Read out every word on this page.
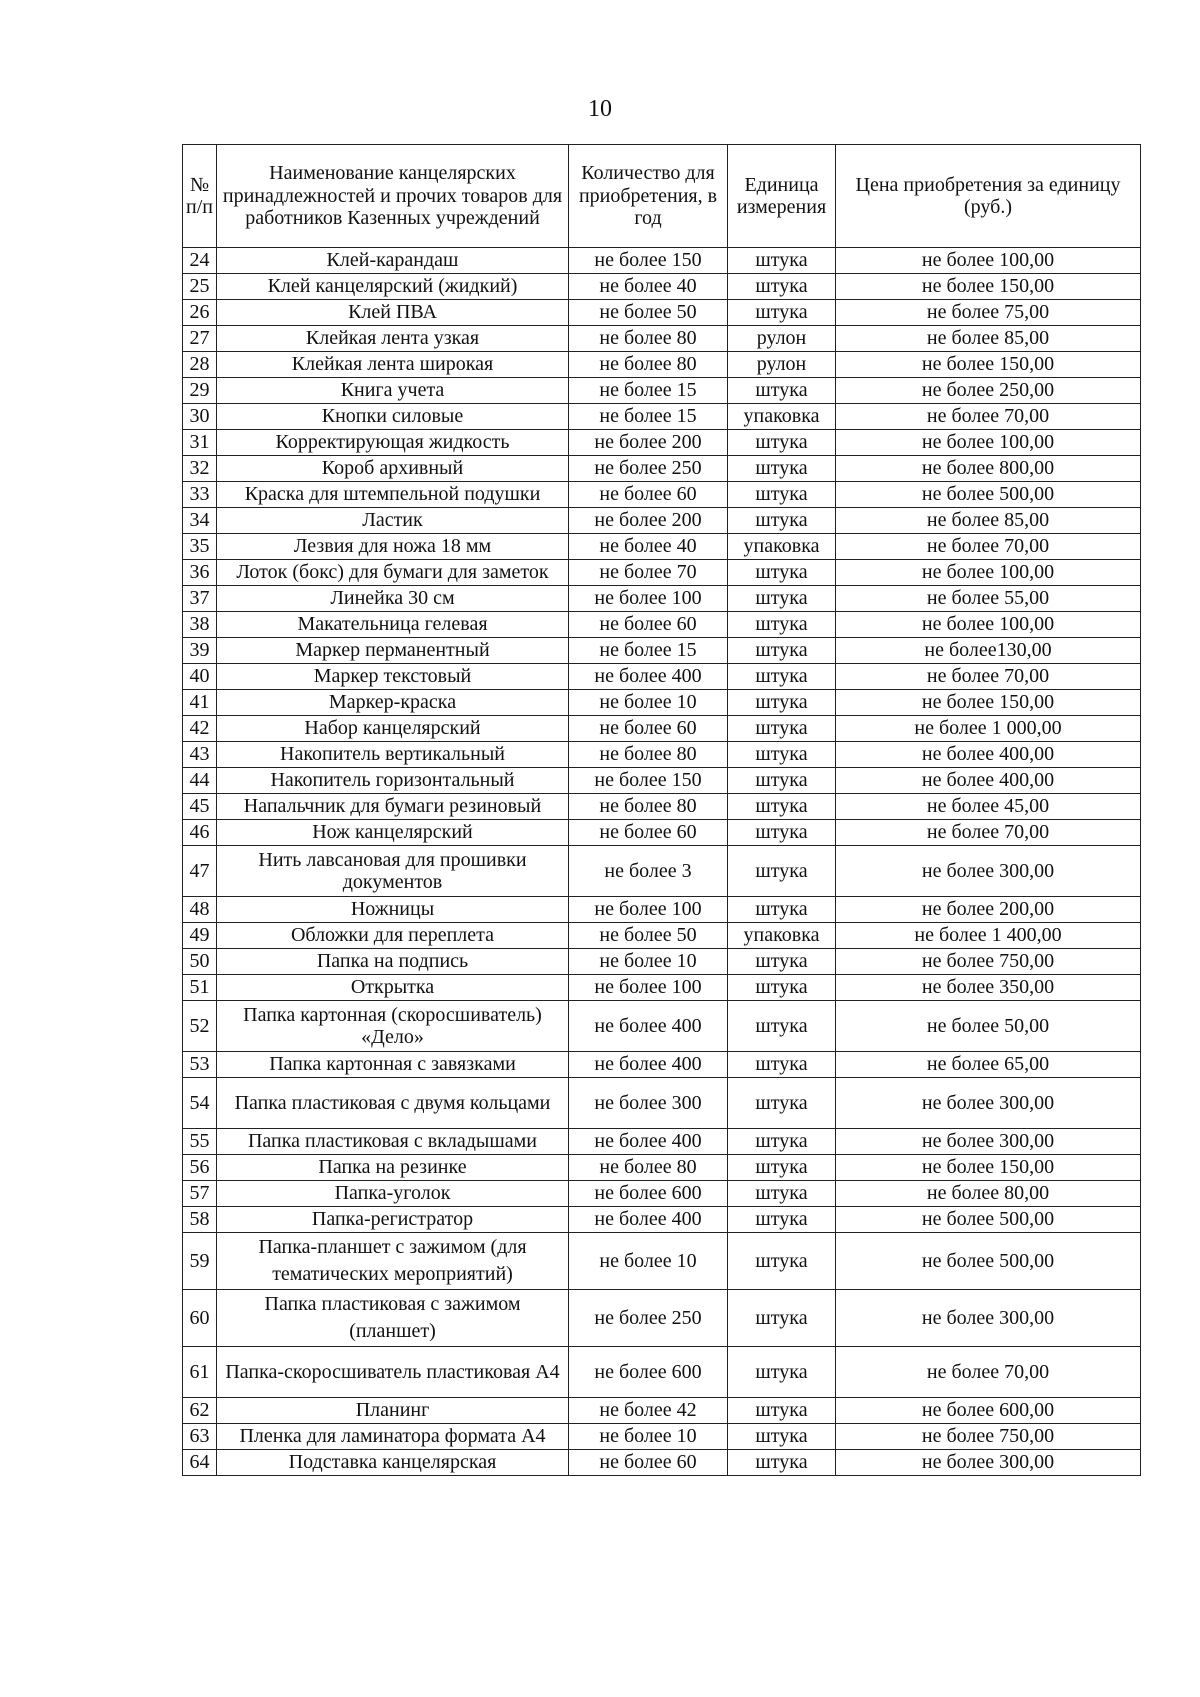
10
№ п/п	Наименование канцелярских принадлежностей и прочих товаров для работников Казенных учреждений	Количество для приобретения, в год	Единица измерения	Цена приобретения за единицу (руб.)
24	Клей-карандаш	не более 150	штука	не более 100,00
25	Клей канцелярский (жидкий)	не более 40	штука	не более 150,00
26	Клей ПВА	не более 50	штука	не более 75,00
27	Клейкая лента узкая	не более 80	рулон	не более 85,00
28	Клейкая лента широкая	не более 80	рулон	не более 150,00
29	Книга учета	не более 15	штука	не более 250,00
30	Кнопки силовые	не более 15	упаковка	не более 70,00
31	Корректирующая жидкость	не более 200	штука	не более 100,00
32	Короб архивный	не более 250	штука	не более 800,00
33	Краска для штемпельной подушки	не более 60	штука	не более 500,00
34	Ластик	не более 200	штука	не более 85,00
35	Лезвия для ножа 18 мм	не более 40	упаковка	не более 70,00
36	Лоток (бокс) для бумаги для заметок	не более 70	штука	не более 100,00
37	Линейка 30 см	не более 100	штука	не более 55,00
38	Макательница гелевая	не более 60	штука	не более 100,00
39	Маркер перманентный	не более 15	штука	не более130,00
40	Маркер текстовый	не более 400	штука	не более 70,00
41	Маркер-краска	не более 10	штука	не более 150,00
42	Набор канцелярский	не более 60	штука	не более 1 000,00
43	Накопитель вертикальный	не более 80	штука	не более 400,00
44	Накопитель горизонтальный	не более 150	штука	не более 400,00
45	Напальчник для бумаги резиновый	не более 80	штука	не более 45,00
46	Нож канцелярский	не более 60	штука	не более 70,00
47	Нить лавсановая для прошивки документов	не более 3	штука	не более 300,00
48	Ножницы	не более 100	штука	не более 200,00
49	Обложки для переплета	не более 50	упаковка	не более 1 400,00
50	Папка на подпись	не более 10	штука	не более 750,00
51	Открытка	не более 100	штука	не более 350,00
52	Папка картонная (скоросшиватель) «Дело»	не более 400	штука	не более 50,00
53	Папка картонная с завязками	не более 400	штука	не более 65,00
54	Папка пластиковая с двумя кольцами	не более 300	штука	не более 300,00
55	Папка пластиковая с вкладышами	не более 400	штука	не более 300,00
56	Папка на резинке	не более 80	штука	не более 150,00
57	Папка-уголок	не более 600	штука	не более 80,00
58	Папка-регистратор	не более 400	штука	не более 500,00
59	Папка-планшет с зажимом (для тематических мероприятий)	не более 10	штука	не более 500,00
60	Папка пластиковая с зажимом (планшет)	не более 250	штука	не более 300,00
61	Папка-скоросшиватель пластиковая А4	не более 600	штука	не более 70,00
62	Планинг	не более 42	штука	не более 600,00
63	Пленка для ламинатора формата А4	не более 10	штука	не более 750,00
64	Подставка канцелярская	не более 60	штука	не более 300,00
